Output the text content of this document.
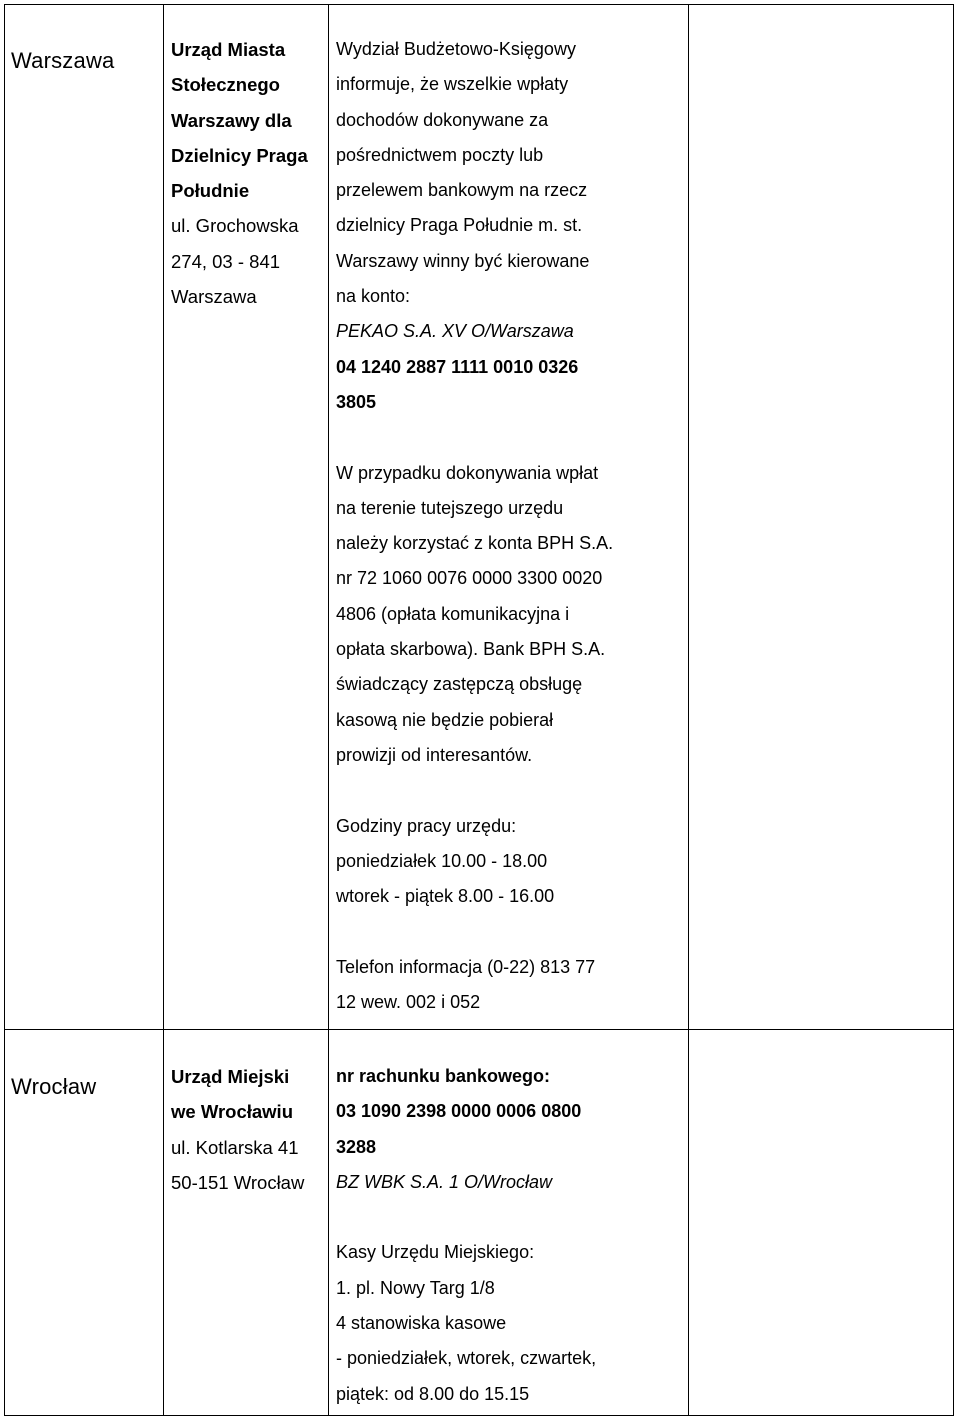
Warszawa	Urząd Miasta
Stołecznego
Warszawy dla
Dzielnicy Praga
Południe
ul. Grochowska
274, 03 - 841
Warszawa
Wydział Budżetowo-Księgowy
informuje, że wszelkie wpłaty
dochodów dokonywane za
pośrednictwem poczty lub
przelewem bankowym na rzecz
dzielnicy Praga Południe m. st.
Warszawy winny być kierowane
na konto:
PEKAO S.A. XV O/Warszawa
04 1240 2887 1111 0010 0326
3805
W przypadku dokonywania wpłat
na terenie tutejszego urzędu
należy korzystać z konta BPH S.A.
nr 72 1060 0076 0000 3300 0020
4806 (opłata komunikacyjna i
opłata skarbowa). Bank BPH S.A.
świadczący zastępczą obsługę
kasową nie będzie pobierał
prowizji od interesantów.
Godziny pracy urzędu:
poniedziałek 10.00 - 18.00
wtorek - piątek 8.00 - 16.00
Telefon informacja (0-22) 813 77
12 wew. 002 i 052
Wrocław	Urząd Miejski
we Wrocławiu
ul. Kotlarska 41
50-151 Wrocław
nr rachunku bankowego:
03 1090 2398 0000 0006 0800
3288
BZ WBK S.A. 1 O/Wrocław
Kasy Urzędu Miejskiego:
1. pl. Nowy Targ 1/8
4 stanowiska kasowe
- poniedziałek, wtorek, czwartek,
piątek: od 8.00 do 15.15
